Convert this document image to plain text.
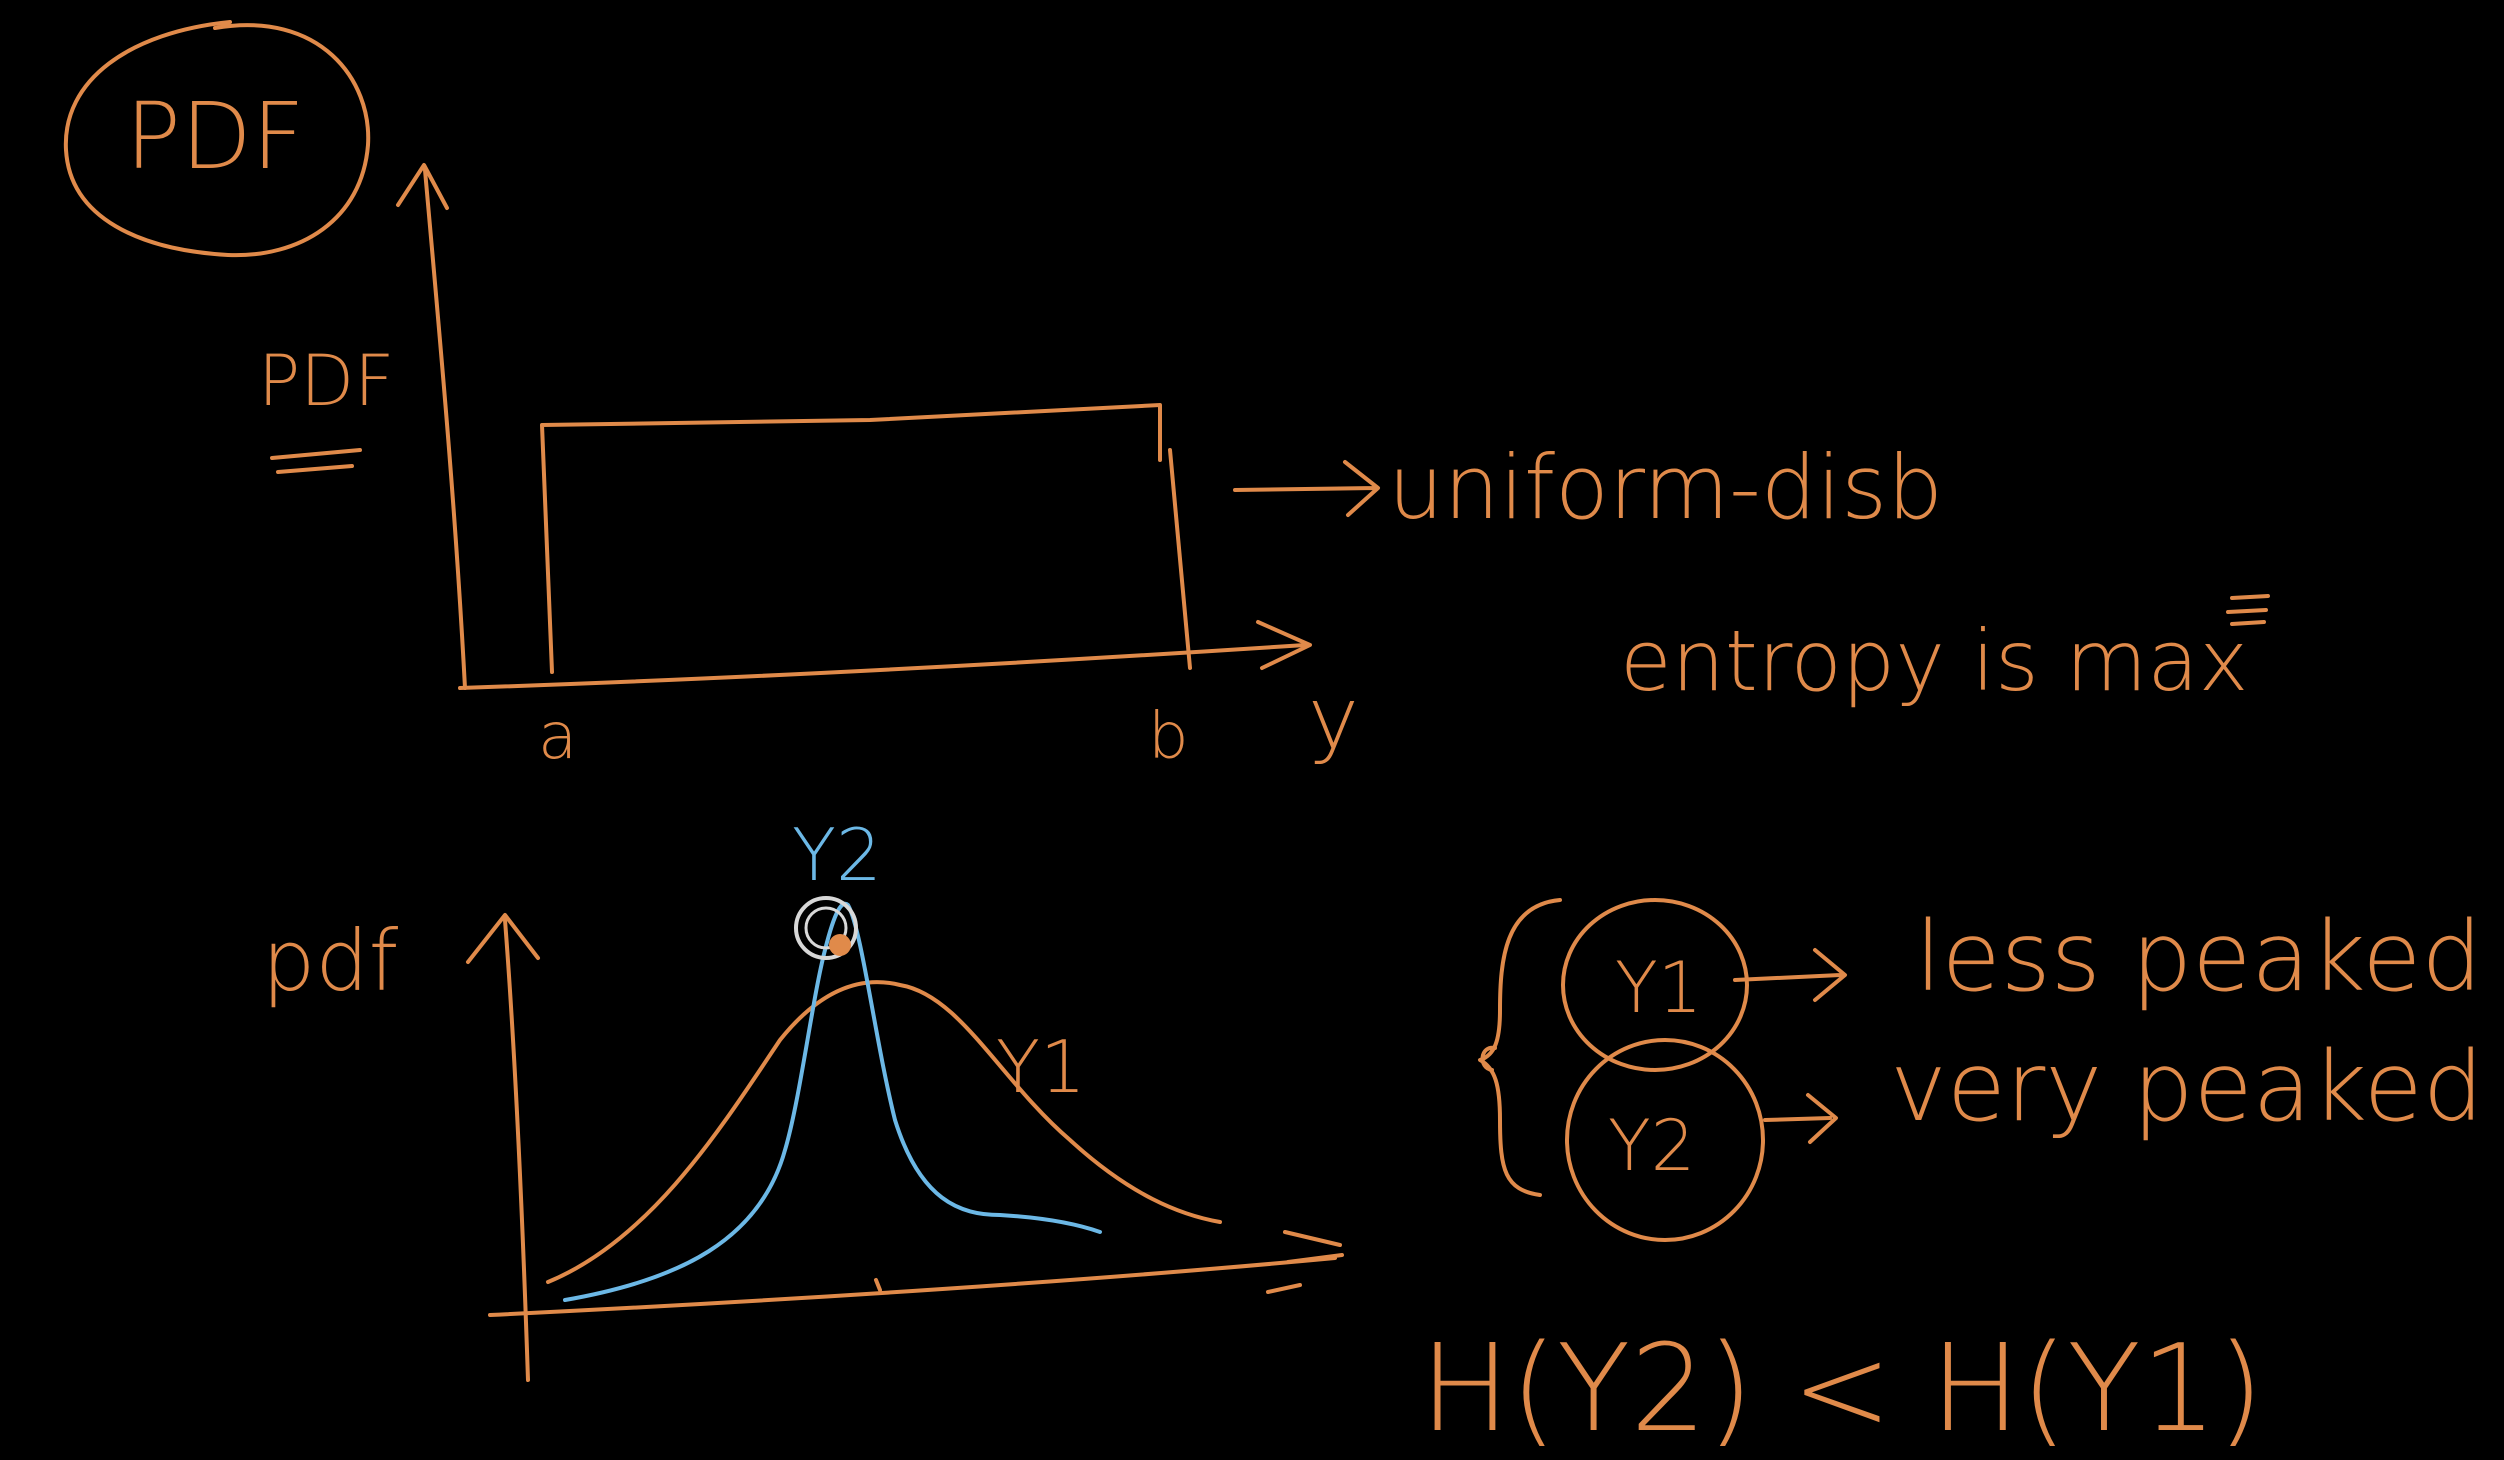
PDF
PDF
a	b y
uniform-disb
entropy is max
pdf
Y2
Y1
Y1
Y2
less peaked
very peaked
H(Y2) < H(Y1)
